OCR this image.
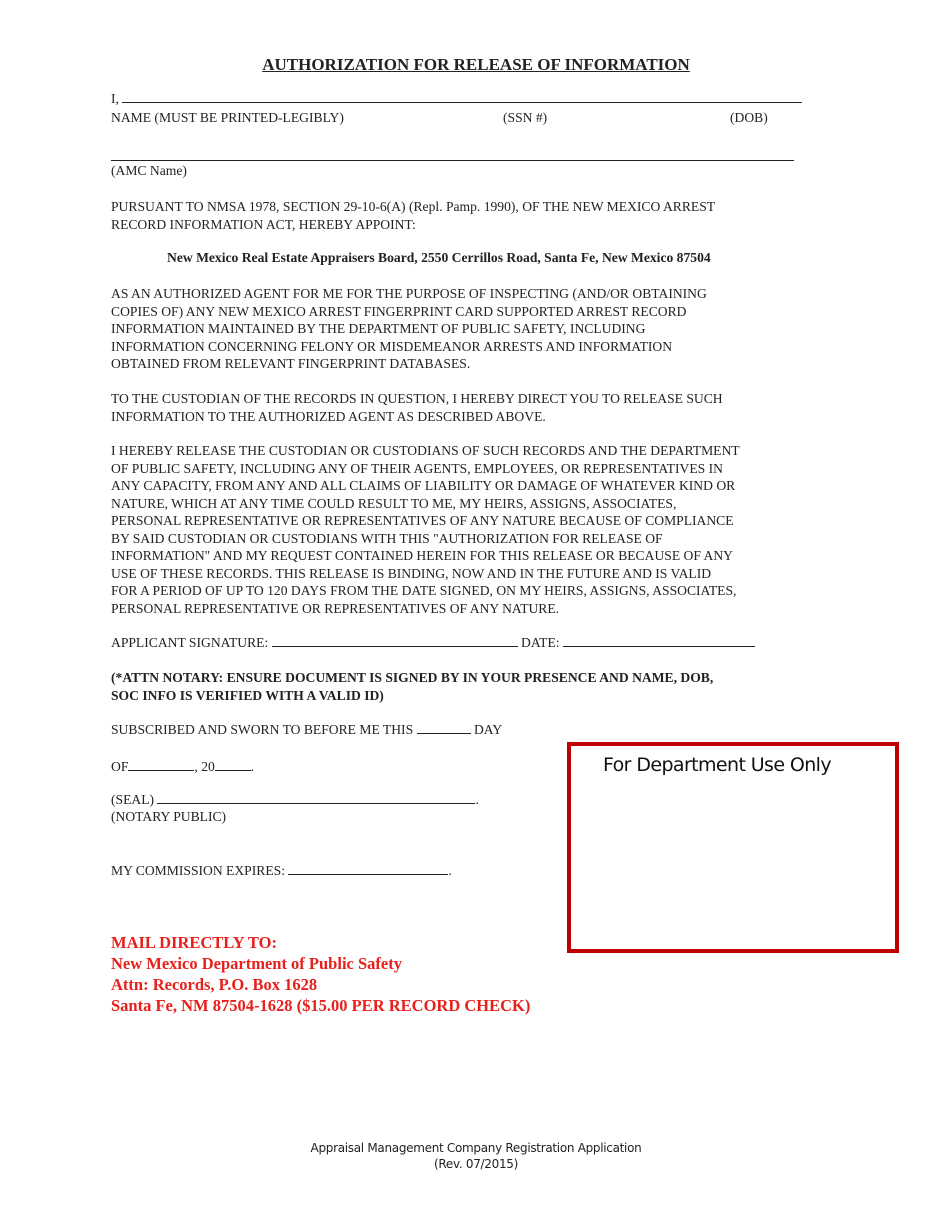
AUTHORIZATION FOR RELEASE OF INFORMATION
I,
NAME (MUST BE PRINTED-LEGIBLY)	(SSN #)	(DOB)
(AMC Name)
PURSUANT TO NMSA 1978, SECTION 29-10-6(A) (Repl. Pamp. 1990), OF THE NEW MEXICO ARREST
RECORD INFORMATION ACT, HEREBY APPOINT:
New Mexico Real Estate Appraisers Board, 2550 Cerrillos Road, Santa Fe, New Mexico 87504
AS AN AUTHORIZED AGENT FOR ME FOR THE PURPOSE OF INSPECTING (AND/OR OBTAINING
COPIES OF) ANY NEW MEXICO ARREST FINGERPRINT CARD SUPPORTED ARREST RECORD
INFORMATION MAINTAINED BY THE DEPARTMENT OF PUBLIC SAFETY, INCLUDING
INFORMATION CONCERNING FELONY OR MISDEMEANOR ARRESTS AND INFORMATION
OBTAINED FROM RELEVANT FINGERPRINT DATABASES.
TO THE CUSTODIAN OF THE RECORDS IN QUESTION, I HEREBY DIRECT YOU TO RELEASE SUCH
INFORMATION TO THE AUTHORIZED AGENT AS DESCRIBED ABOVE.
I HEREBY RELEASE THE CUSTODIAN OR CUSTODIANS OF SUCH RECORDS AND THE DEPARTMENT
OF PUBLIC SAFETY, INCLUDING ANY OF THEIR AGENTS, EMPLOYEES, OR REPRESENTATIVES IN
ANY CAPACITY, FROM ANY AND ALL CLAIMS OF LIABILITY OR DAMAGE OF WHATEVER KIND OR
NATURE, WHICH AT ANY TIME COULD RESULT TO ME, MY HEIRS, ASSIGNS, ASSOCIATES,
PERSONAL REPRESENTATIVE OR REPRESENTATIVES OF ANY NATURE BECAUSE OF COMPLIANCE
BY SAID CUSTODIAN OR CUSTODIANS WITH THIS "AUTHORIZATION FOR RELEASE OF
INFORMATION" AND MY REQUEST CONTAINED HEREIN FOR THIS RELEASE OR BECAUSE OF ANY
USE OF THESE RECORDS. THIS RELEASE IS BINDING, NOW AND IN THE FUTURE AND IS VALID
FOR A PERIOD OF UP TO 120 DAYS FROM THE DATE SIGNED, ON MY HEIRS, ASSIGNS, ASSOCIATES,
PERSONAL REPRESENTATIVE OR REPRESENTATIVES OF ANY NATURE.
APPLICANT SIGNATURE:	DATE:
(*ATTN NOTARY: ENSURE DOCUMENT IS SIGNED BY IN YOUR PRESENCE AND NAME, DOB,
SOC INFO IS VERIFIED WITH A VALID ID)
SUBSCRIBED AND SWORN TO BEFORE ME THIS	DAY
OF	, 20	.
(SEAL)	.
(NOTARY PUBLIC)
MY COMMISSION EXPIRES:	.
For Department Use Only
MAIL DIRECTLY TO:
New Mexico Department of Public Safety
Attn: Records, P.O. Box 1628
Santa Fe, NM 87504-1628 ($15.00 PER RECORD CHECK)
Appraisal Management Company Registration Application
(Rev. 07/2015)
